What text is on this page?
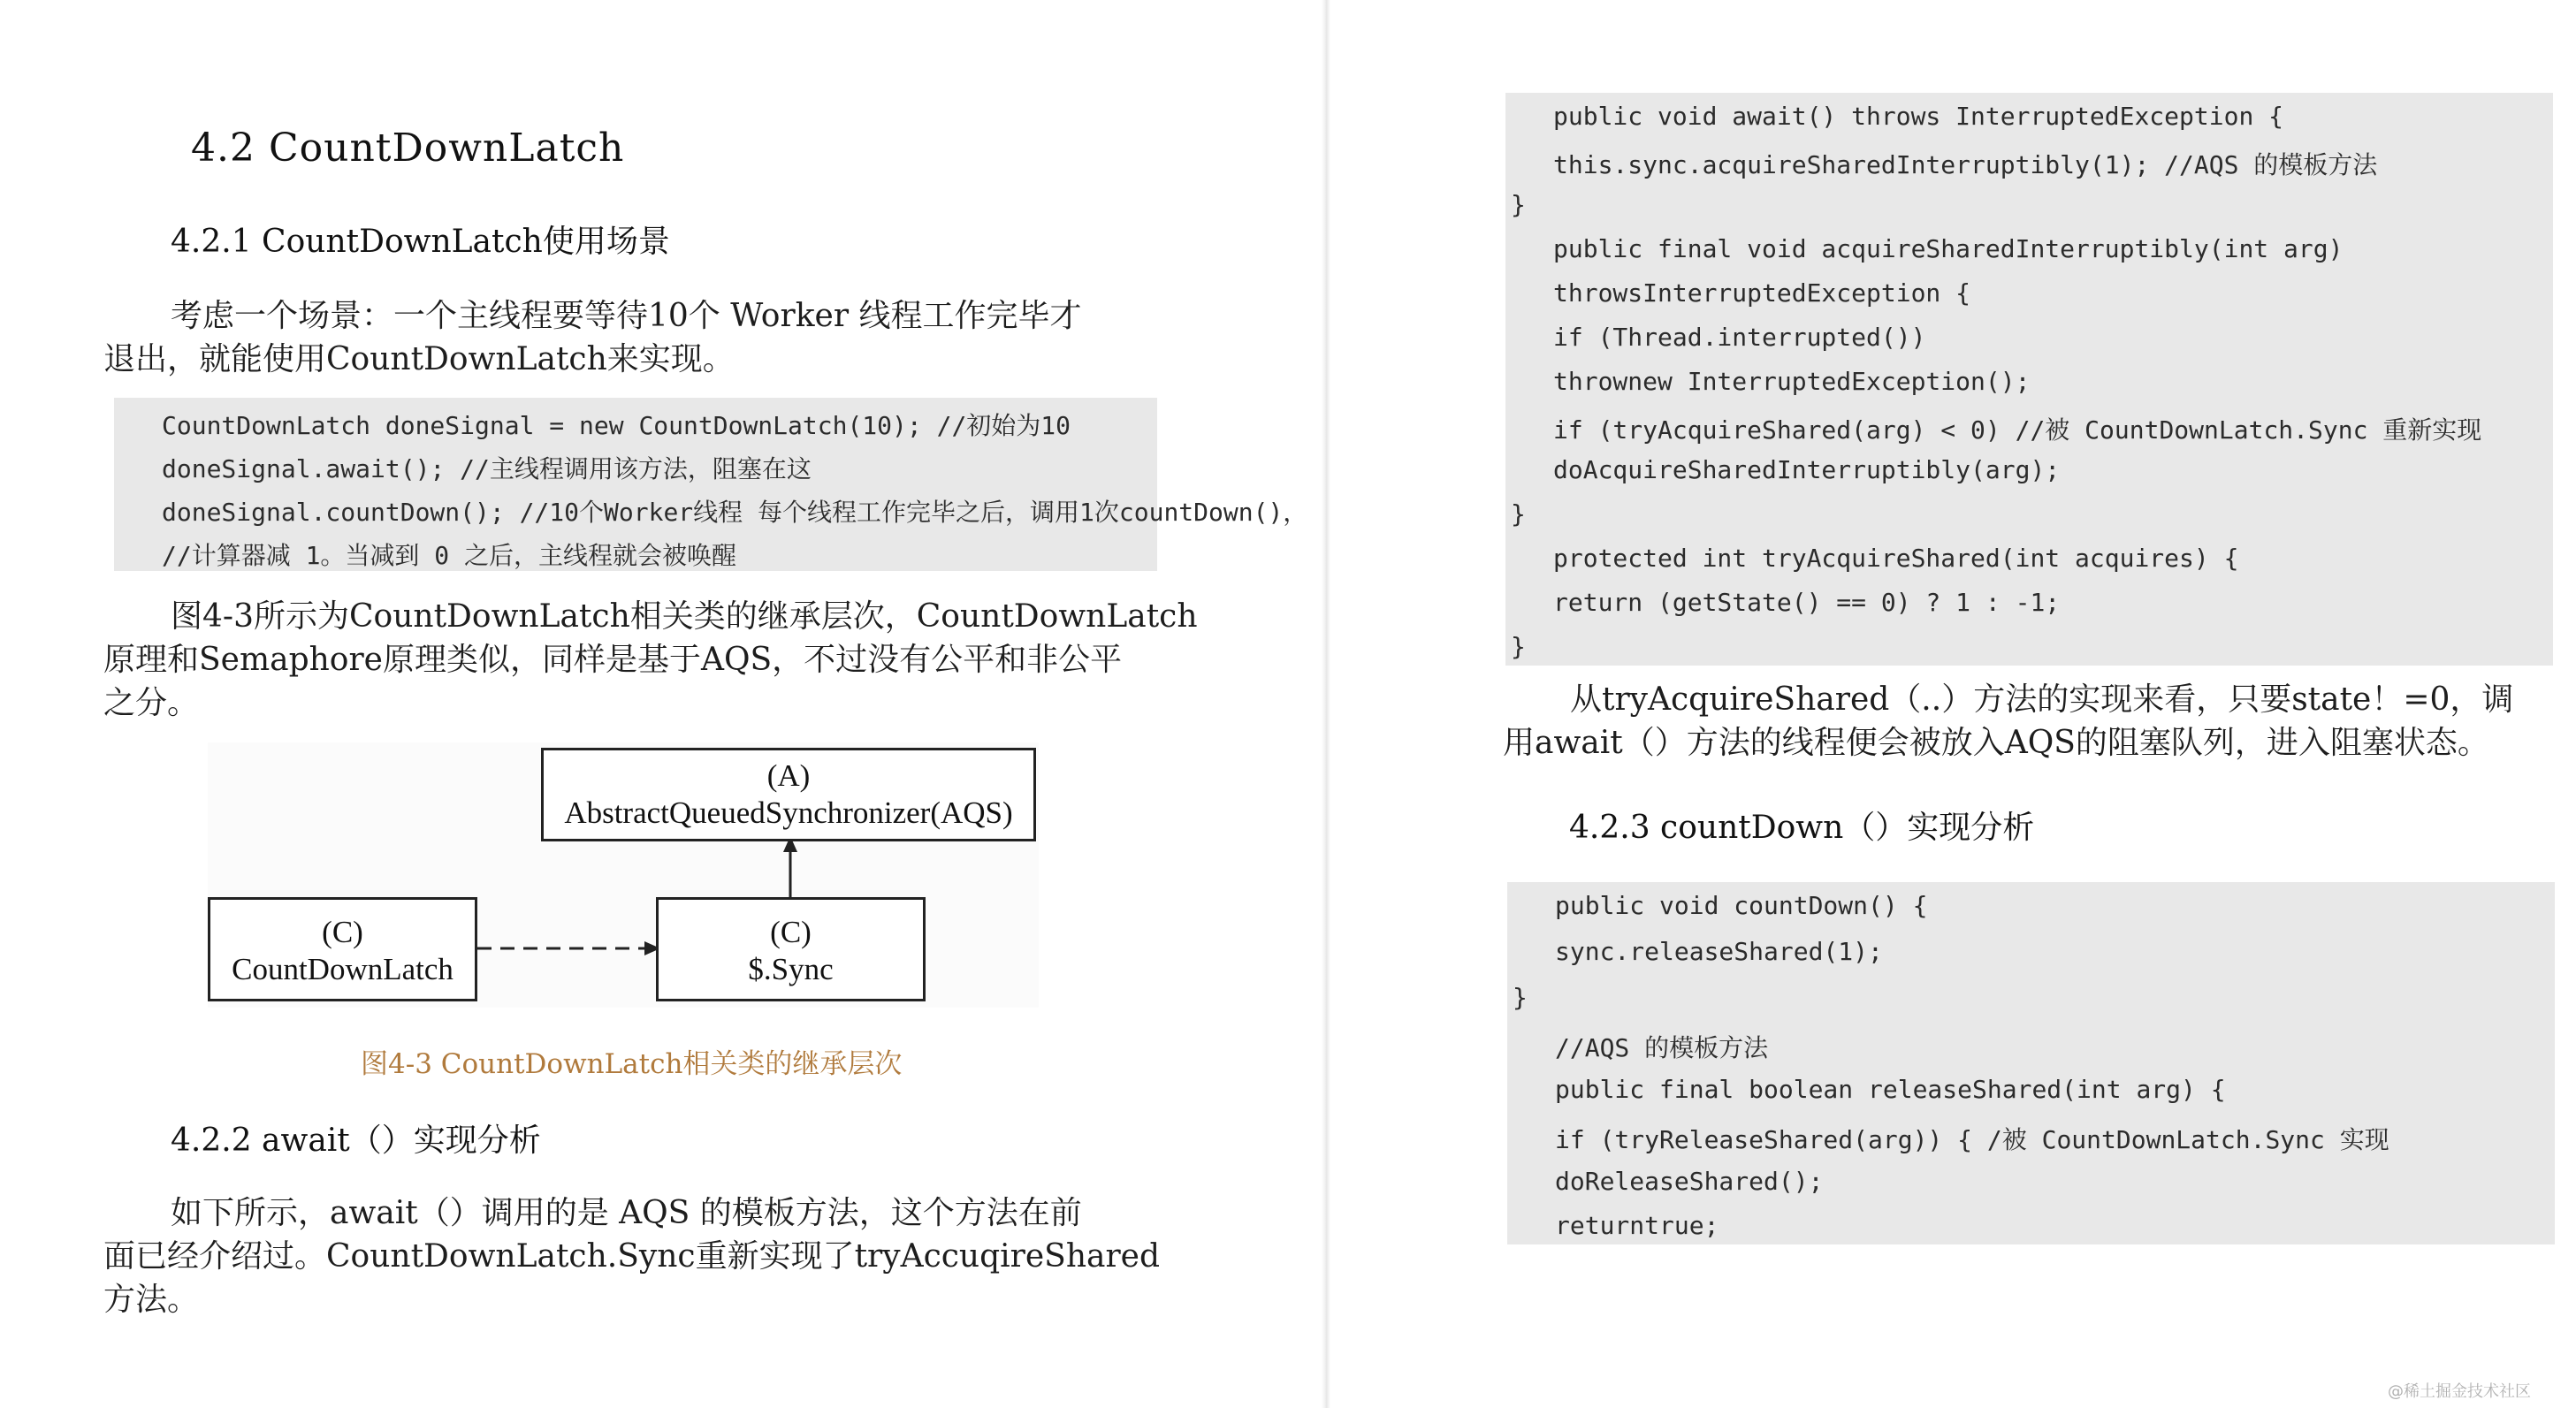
4.2 CountDownLatch
4.2.1 CountDownLatch使用场景
考虑一个场景：一个主线程要等待10个 Worker 线程工作完毕才
退出，就能使用CountDownLatch来实现。
CountDownLatch doneSignal = new CountDownLatch(10); //初始为10
doneSignal.await(); //主线程调用该方法，阻塞在这
doneSignal.countDown(); //10个Worker线程 每个线程工作完毕之后，调用1次countDown()，
//计算器减 1。当减到 0 之后，主线程就会被唤醒
图4-3所示为CountDownLatch相关类的继承层次，CountDownLatch
原理和Semaphore原理类似，同样是基于AQS，不过没有公平和非公平
之分。
(A)
AbstractQueuedSynchronizer(AQS)
(C)
CountDownLatch
(C)
$.Sync
图4-3 CountDownLatch相关类的继承层次
4.2.2 await（）实现分析
如下所示，await（）调用的是 AQS 的模板方法，这个方法在前
面已经介绍过。CountDownLatch.Sync重新实现了tryAccuqireShared
方法。
public void await() throws InterruptedException {
this.sync.acquireSharedInterruptibly(1); //AQS 的模板方法
}
public final void acquireSharedInterruptibly(int arg)
throwsInterruptedException {
if (Thread.interrupted())
thrownew InterruptedException();
if (tryAcquireShared(arg) < 0) //被 CountDownLatch.Sync 重新实现
doAcquireSharedInterruptibly(arg);
}
protected int tryAcquireShared(int acquires) {
return (getState() == 0) ? 1 : -1;
}
从tryAcquireShared（..）方法的实现来看，只要state！=0，调
用await（）方法的线程便会被放入AQS的阻塞队列，进入阻塞状态。
4.2.3 countDown（）实现分析
public void countDown() {
sync.releaseShared(1);
}
//AQS 的模板方法
public final boolean releaseShared(int arg) {
if (tryReleaseShared(arg)) { /被 CountDownLatch.Sync 实现
doReleaseShared();
returntrue;
@稀土掘金技术社区
